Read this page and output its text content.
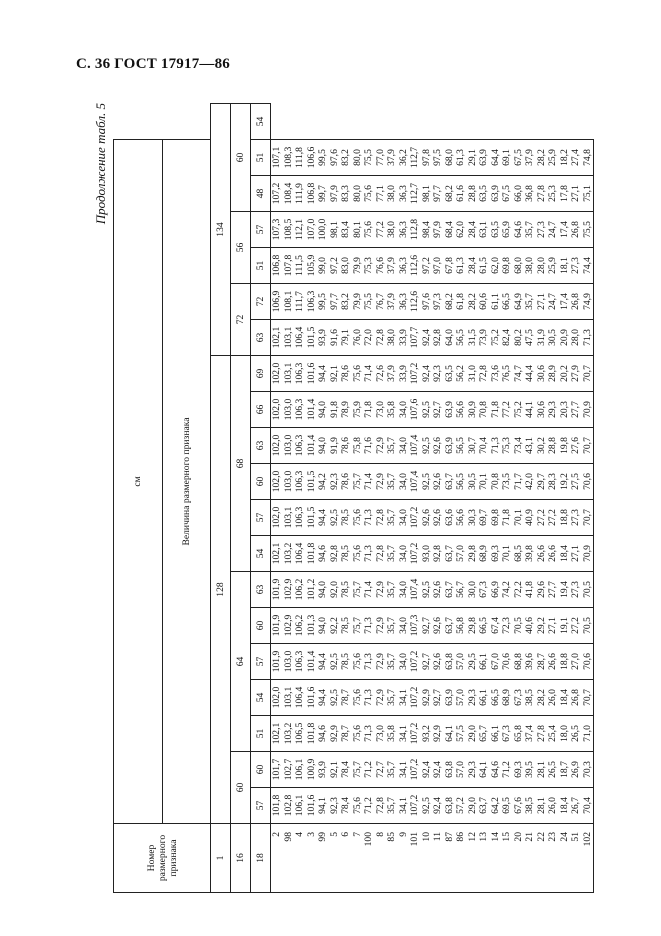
С. 36 ГОСТ 17917—86
Продолжение табл. 5
Номер размерного признака	см																			
	Величина размерного признака																			
1	128													134						
16	60		64					68						72		56		60		
18	57	60	51	54	57	60	63	54	57	60	63	66	69	63	72	51	57	48	51	54
2	101,8	101,7	102,1	102,0	101,9	101,9	101,9	102,1	102,0	102,0	102,0	102,0	102,0	102,1	106,9	106,8	107,3	107,2	107,1	
98	102,8	102,7	103,2	103,1	103,0	102,9	102,9	103,2	103,1	103,0	103,0	103,0	103,1	103,1	108,1	107,8	108,5	108,4	108,3	
4	106,1	106,1	106,5	106,4	106,3	106,2	106,2	106,4	106,3	106,3	106,3	106,3	106,3	106,4	111,7	111,5	112,1	111,9	111,8	
3	101,6	100,9	101,8	101,6	101,4	101,3	101,2	101,8	101,5	101,5	101,4	101,4	101,6	101,5	106,3	105,9	107,0	106,8	106,6	
99	94,1	93,9	94,6	94,4	94,4	94,0	94,0	94,6	94,4	94,2	94,0	94,0	94,4	93,9	99,5	99,0	100,0	99,7	99,5	
5	92,3	92,1	92,9	92,5	92,5	92,2	92,0	92,8	92,5	92,3	91,9	91,8	92,1	91,6	97,7	97,2	98,1	97,9	97,6	
6	78,4	78,4	78,7	78,7	78,5	78,5	78,5	78,5	78,5	78,6	78,6	78,9	78,6	79,1	83,2	83,0	83,4	83,3	83,2	
7	75,6	75,7	75,6	75,6	75,6	75,7	75,7	75,6	75,6	75,7	75,8	75,9	75,6	76,0	79,9	79,9	80,1	80,0	80,0	
100	71,2	71,2	71,3	71,3	71,3	71,3	71,4	71,3	71,3	71,4	71,6	71,8	71,4	72,0	75,5	75,3	75,6	75,6	75,5	
8	72,8	72,7	73,0	72,9	72,9	72,9	72,9	72,8	72,8	72,9	72,9	73,0	72,6	72,8	76,7	76,6	77,2	77,1	77,0	
85	35,7	35,7	35,8	35,7	35,7	35,7	35,7	35,7	35,7	35,7	35,7	35,8	37,9	38,0	37,9	37,9	38,0	38,0	37,9	
9	34,1	34,1	34,1	34,1	34,0	34,0	34,0	34,0	34,0	34,0	34,0	34,0	33,9	33,9	36,3	36,3	36,3	36,3	36,2	
101	107,2	107,2	107,2	107,2	107,2	107,3	107,4	107,2	107,2	107,4	107,4	107,6	107,2	107,7	112,6	112,6	112,8	112,7	112,7	
10	92,5	92,4	93,2	92,9	92,7	92,7	92,5	93,0	92,6	92,5	92,5	92,5	92,4	92,4	97,6	97,2	98,4	98,1	97,8	
11	92,4	92,4	92,9	92,7	92,6	92,6	92,6	92,8	92,6	92,6	92,6	92,7	92,3	92,8	97,3	97,0	97,9	97,7	97,5	
87	63,8	63,8	64,1	63,9	63,8	63,7	63,7	63,7	63,6	63,7	63,9	63,9	63,5	64,0	68,2	67,8	68,4	68,2	68,0	
86	57,2	57,0	57,5	57,0	57,0	56,8	56,7	57,0	56,6	56,5	56,5	56,6	56,2	56,5	61,8	61,3	62,0	61,6	61,3	
12	29,0	29,3	29,0	29,3	29,5	29,8	30,0	29,8	30,3	30,5	30,7	30,9	31,0	31,5	28,2	28,4	28,4	28,8	29,1	
13	63,7	64,1	65,7	66,1	66,1	66,5	67,3	68,9	69,7	70,1	70,4	70,8	72,8	73,9	60,6	61,5	63,1	63,5	63,9	
14	64,2	64,6	66,1	66,5	67,0	67,4	66,9	69,3	69,8	70,8	71,3	71,8	73,6	75,2	61,1	62,0	63,5	63,9	64,4	
15	69,5	71,2	67,3	68,9	70,6	72,3	74,2	70,1	71,8	73,5	75,3	77,2	76,5	82,4	66,5	69,8	65,9	67,5	69,1	
20	67,6	69,3	65,8	67,3	68,8	70,5	72,2	68,5	70,1	71,7	73,4	75,2	74,7	80,2	64,9	68,0	64,6	66,0	67,5	
21	38,5	39,5	37,4	38,5	39,6	40,6	41,8	39,8	40,9	42,0	43,1	44,1	44,4	47,5	35,7	38,0	35,7	36,8	37,9	
22	28,1	28,1	27,8	28,2	28,7	29,2	29,6	26,6	27,2	29,7	30,2	30,6	30,6	31,9	27,1	28,0	27,3	27,8	28,2	
23	26,0	26,5	25,4	26,0	26,6	27,1	27,7	26,6	27,2	28,3	28,8	29,3	28,9	30,5	24,7	25,9	24,7	25,3	25,9	
24	18,4	18,7	18,0	18,4	18,8	19,1	19,4	18,4	18,8	19,2	19,8	20,3	20,2	20,9	17,4	18,1	17,4	17,8	18,2	
51	26,7	26,9	26,5	26,8	27,0	27,2	27,3	27,1	27,3	27,5	27,6	27,7	27,9	28,0	26,8	27,3	26,8	27,1	27,4	
102	70,4	70,3	71,0	70,7	70,6	70,5	70,5	70,9	70,7	70,6	70,7	70,9	70,7	71,3	74,9	74,4	75,5	75,1	74,8	
